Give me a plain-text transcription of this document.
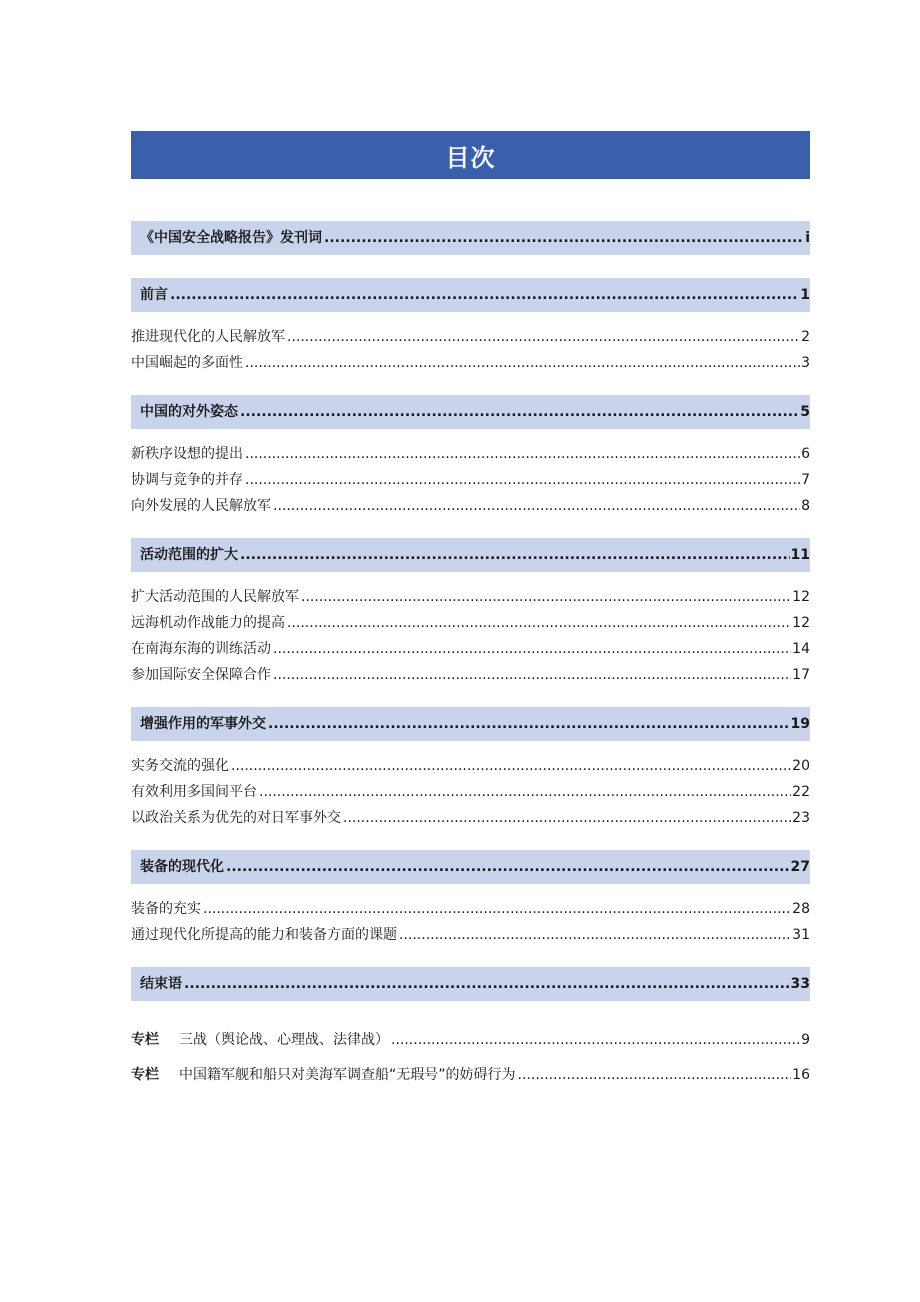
目次
《中国安全战略报告》发刊词 .....	i
前言 .....	1
推进现代化的人民解放军 .....	2
中国崛起的多面性 .....	3
中国的对外姿态 .....	5
新秩序设想的提出 .....	6
协调与竞争的并存 .....	7
向外发展的人民解放军 .....	8
活动范围的扩大 .....	11
扩大活动范围的人民解放军 .....	12
远海机动作战能力的提高 .....	12
在南海东海的训练活动 .....	14
参加国际安全保障合作 .....	17
增强作用的军事外交 .....	19
实务交流的强化 .....	20
有效利用多国间平台 .....	22
以政治关系为优先的对日军事外交 .....	23
装备的现代化 .....	27
装备的充实 .....	28
通过现代化所提高的能力和装备方面的课题 .....	31
结束语 .....	33
专栏	三战（舆论战、心理战、法律战） .....	9
专栏	中国籍军舰和船只对美海军调查船“无瑕号”的妨碍行为 .....	16
